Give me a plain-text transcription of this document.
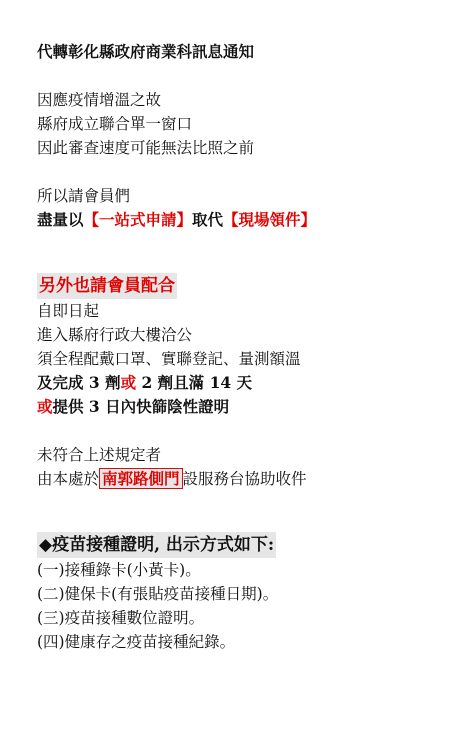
代轉彰化縣政府商業科訊息通知
因應疫情增溫之故
縣府成立聯合單一窗口
因此審查速度可能無法比照之前
所以請會員們
盡量以【一站式申請】取代【現場領件】
另外也請會員配合
自即日起
進入縣府行政大樓洽公
須全程配戴口罩、實聯登記、量測額溫
及完成 3 劑或 2 劑且滿 14 天
或提供 3 日內快篩陰性證明
未符合上述規定者
由本處於 南郭路側門 設服務台協助收件
◆疫苗接種證明, 出示方式如下:
(一)接種錄卡(小黃卡)。
(二)健保卡(有張貼疫苗接種日期)。
(三)疫苗接種數位證明。
(四)健康存之疫苗接種紀錄。
